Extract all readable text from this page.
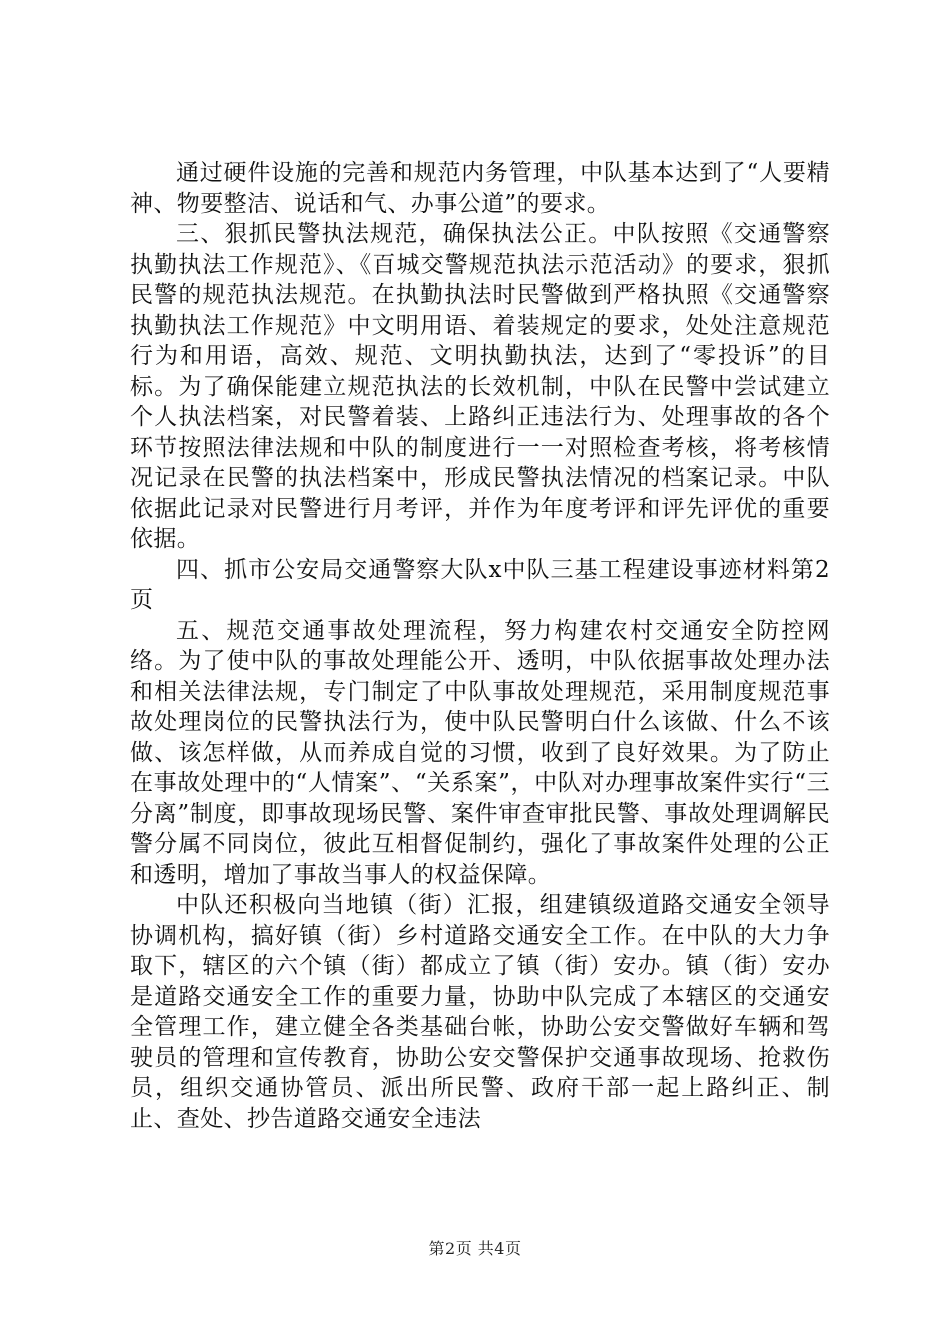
通过硬件设施的完善和规范内务管理，中队基本达到了“人要精神、物要整洁、说话和气、办事公道”的要求。

三、狠抓民警执法规范，确保执法公正。中队按照《交通警察执勤执法工作规范》、《百城交警规范执法示范活动》的要求，狠抓民警的规范执法规范。在执勤执法时民警做到严格执照《交通警察执勤执法工作规范》中文明用语、着装规定的要求，处处注意规范行为和用语，高效、规范、文明执勤执法，达到了“零投诉”的目标。为了确保能建立规范执法的长效机制，中队在民警中尝试建立个人执法档案，对民警着装、上路纠正违法行为、处理事故的各个环节按照法律法规和中队的制度进行一一对照检查考核，将考核情况记录在民警的执法档案中，形成民警执法情况的档案记录。中队依据此记录对民警进行月考评，并作为年度考评和评先评优的重要依据。

四、抓市公安局交通警察大队x中队三基工程建设事迹材料第2页

五、规范交通事故处理流程，努力构建农村交通安全防控网络。为了使中队的事故处理能公开、透明，中队依据事故处理办法和相关法律法规，专门制定了中队事故处理规范，采用制度规范事故处理岗位的民警执法行为，使中队民警明白什么该做、什么不该做、该怎样做，从而养成自觉的习惯，收到了良好效果。为了防止在事故处理中的“人情案”、“关系案”，中队对办理事故案件实行“三分离”制度，即事故现场民警、案件审查审批民警、事故处理调解民警分属不同岗位，彼此互相督促制约，强化了事故案件处理的公正和透明，增加了事故当事人的权益保障。

中队还积极向当地镇（街）汇报，组建镇级道路交通安全领导协调机构，搞好镇（街）乡村道路交通安全工作。在中队的大力争取下，辖区的六个镇（街）都成立了镇（街）安办。镇（街）安办是道路交通安全工作的重要力量，协助中队完成了本辖区的交通安全管理工作，建立健全各类基础台帐，协助公安交警做好车辆和驾驶员的管理和宣传教育，协助公安交警保护交通事故现场、抢救伤员，组织交通协管员、派出所民警、政府干部一起上路纠正、制止、查处、抄告道路交通安全违法

第2页 共4页
